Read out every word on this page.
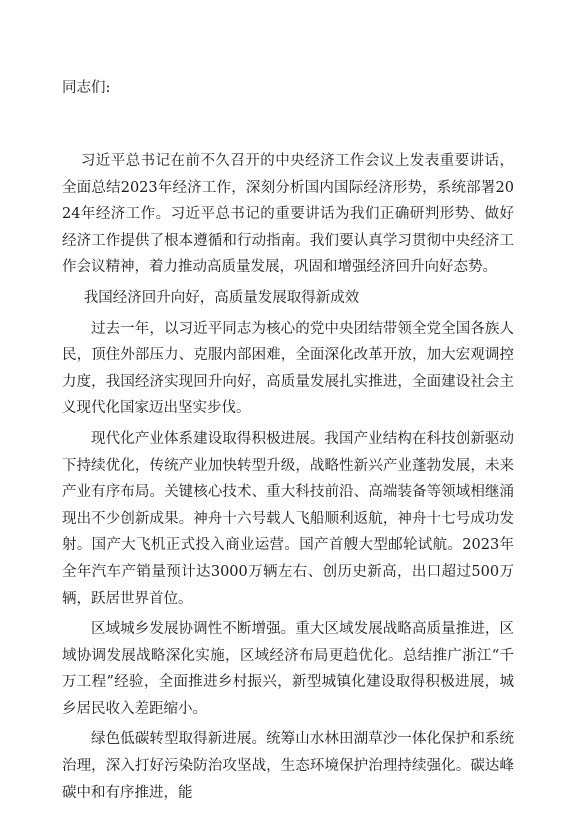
同志们:

习近平总书记在前不久召开的中央经济工作会议上发表重要讲话，全面总结2023年经济工作，深刻分析国内国际经济形势，系统部署2024年经济工作。习近平总书记的重要讲话为我们正确研判形势、做好经济工作提供了根本遵循和行动指南。我们要认真学习贯彻中央经济工作会议精神，着力推动高质量发展，巩固和增强经济回升向好态势。

我国经济回升向好，高质量发展取得新成效

过去一年，以习近平同志为核心的党中央团结带领全党全国各族人民，顶住外部压力、克服内部困难，全面深化改革开放，加大宏观调控力度，我国经济实现回升向好，高质量发展扎实推进，全面建设社会主义现代化国家迈出坚实步伐。

现代化产业体系建设取得积极进展。我国产业结构在科技创新驱动下持续优化，传统产业加快转型升级，战略性新兴产业蓬勃发展，未来产业有序布局。关键核心技术、重大科技前沿、高端装备等领域相继涌现出不少创新成果。神舟十六号载人飞船顺利返航，神舟十七号成功发射。国产大飞机正式投入商业运营。国产首艘大型邮轮试航。2023年全年汽车产销量预计达3000万辆左右、创历史新高，出口超过500万辆，跃居世界首位。

区域城乡发展协调性不断增强。重大区域发展战略高质量推进，区域协调发展战略深化实施，区域经济布局更趋优化。总结推广浙江“千万工程”经验，全面推进乡村振兴，新型城镇化建设取得积极进展，城乡居民收入差距缩小。

绿色低碳转型取得新进展。统筹山水林田湖草沙一体化保护和系统治理，深入打好污染防治攻坚战，生态环境保护治理持续强化。碳达峰碳中和有序推进，能
